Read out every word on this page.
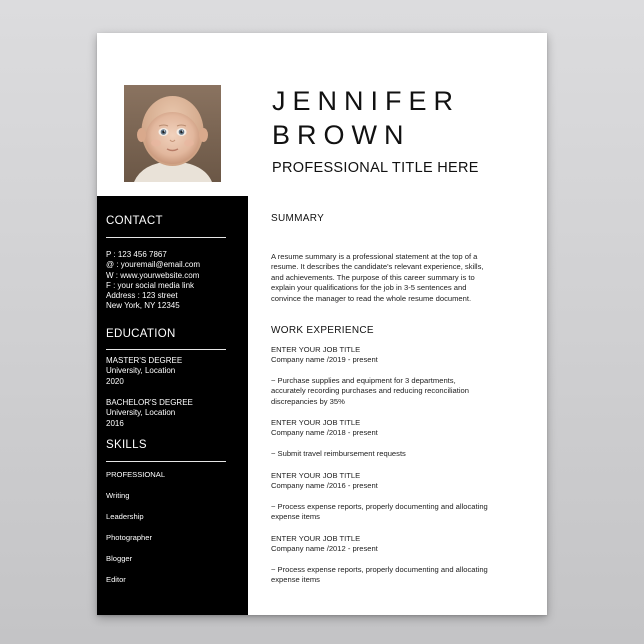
CONTACT
P : 123 456 7867
@ : youremail@email.com
W : www.yourwebsite.com
F : your social media link
Address : 123 street
New York, NY 12345
EDUCATION
MASTER'S DEGREE
University, Location
2020
BACHELOR'S DEGREE
University, Location
2016
SKILLS
PROFESSIONAL
Writing
Leadership
Photographer
Blogger
Editor
JENNIFER
BROWN
PROFESSIONAL TITLE HERE
SUMMARY
A resume summary is a professional statement at the top of a
resume. It describes the candidate's relevant experience, skills,
and achievements. The purpose of this career summary is to
explain your qualifications for the job in 3-5 sentences and
convince the manager to read the whole resume document.
WORK EXPERIENCE
ENTER YOUR JOB TITLE
Company name /2019 - present
~ Purchase supplies and equipment for 3 departments,
accurately recording purchases and reducing reconciliation
discrepancies by 35%
ENTER YOUR JOB TITLE
Company name /2018 - present
~ Submit travel reimbursement requests
ENTER YOUR JOB TITLE
Company name /2016 - present
~ Process expense reports, properly documenting and allocating
expense items
ENTER YOUR JOB TITLE
Company name /2012 - present
~ Process expense reports, properly documenting and allocating
expense items
